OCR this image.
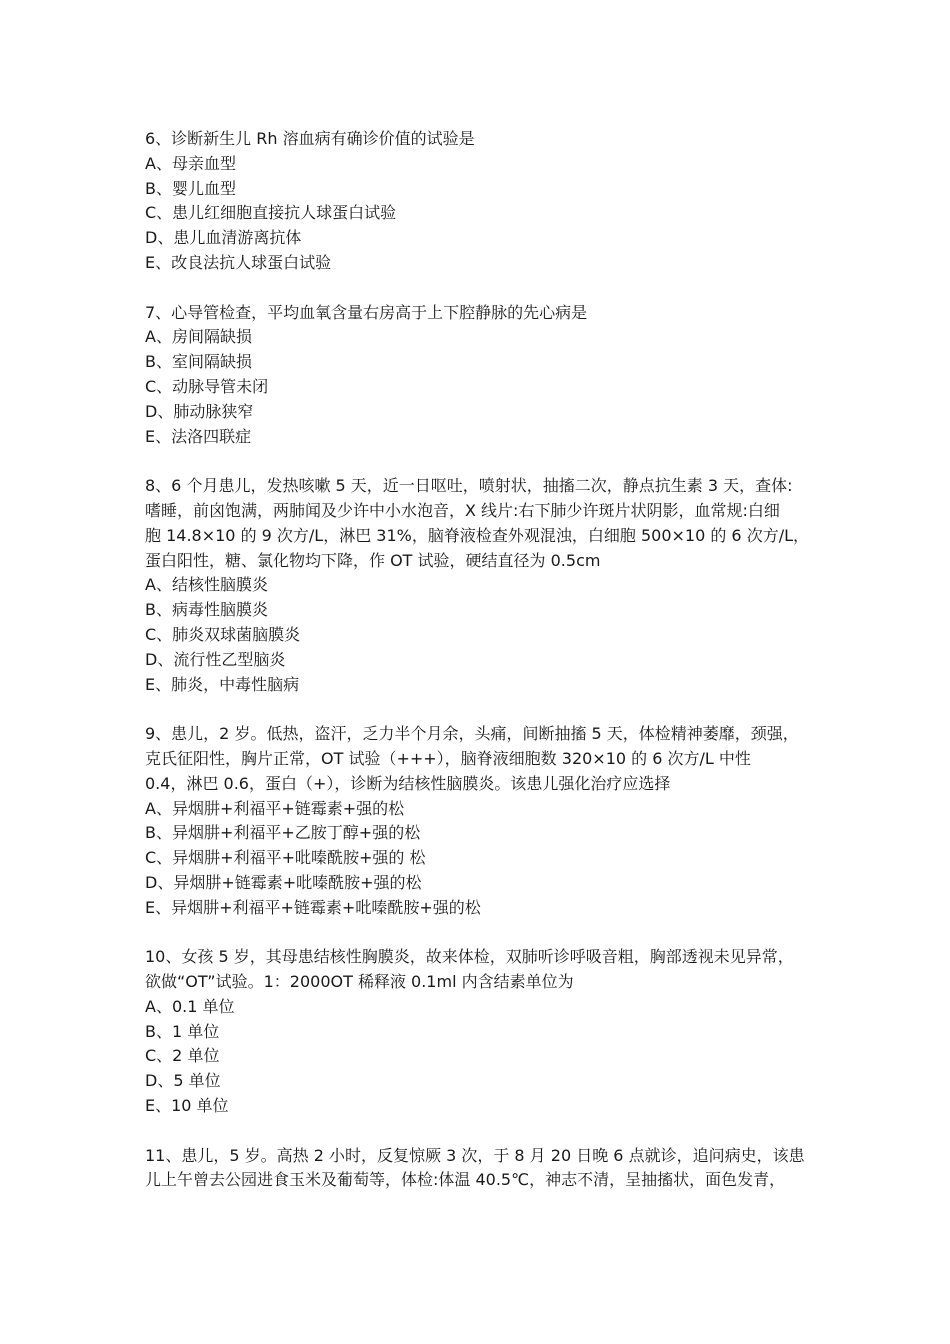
6、诊断新生儿 Rh 溶血病有确诊价值的试验是
A、母亲血型
B、婴儿血型
C、患儿红细胞直接抗人球蛋白试验
D、患儿血清游离抗体
E、改良法抗人球蛋白试验
7、心导管检查，平均血氧含量右房高于上下腔静脉的先心病是
A、房间隔缺损
B、室间隔缺损
C、动脉导管未闭
D、肺动脉狭窄
E、法洛四联症
8、6 个月患儿，发热咳嗽 5 天，近一日呕吐，喷射状，抽搐二次，静点抗生素 3 天，查体:
嗜睡，前囟饱满，两肺闻及少许中小水泡音，X 线片:右下肺少许斑片状阴影，血常规:白细
胞 14.8×10 的 9 次方/L，淋巴 31%，脑脊液检查外观混浊，白细胞 500×10 的 6 次方/L，
蛋白阳性，糖、氯化物均下降，作 OT 试验，硬结直径为 0.5cm
A、结核性脑膜炎
B、病毒性脑膜炎
C、肺炎双球菌脑膜炎
D、流行性乙型脑炎
E、肺炎，中毒性脑病
9、患儿，2 岁。低热，盗汗，乏力半个月余，头痛，间断抽搐 5 天，体检精神萎靡，颈强，
克氏征阳性，胸片正常，OT 试验（+++），脑脊液细胞数 320×10 的 6 次方/L 中性
0.4，淋巴 0.6，蛋白（+），诊断为结核性脑膜炎。该患儿强化治疗应选择
A、异烟肼+利福平+链霉素+强的松
B、异烟肼+利福平+乙胺丁醇+强的松
C、异烟肼+利福平+吡嗪酰胺+强的 松
D、异烟肼+链霉素+吡嗪酰胺+强的松
E、异烟肼+利福平+链霉素+吡嗪酰胺+强的松
10、女孩 5 岁，其母患结核性胸膜炎，故来体检，双肺听诊呼吸音粗，胸部透视未见异常，
欲做“OT”试验。1：2000OT 稀释液 0.1ml 内含结素单位为
A、0.1 单位
B、1 单位
C、2 单位
D、5 单位
E、10 单位
11、患儿，5 岁。高热 2 小时，反复惊厥 3 次，于 8 月 20 日晚 6 点就诊，追问病史，该患
儿上午曾去公园进食玉米及葡萄等，体检:体温 40.5℃，神志不清，呈抽搐状，面色发青，
